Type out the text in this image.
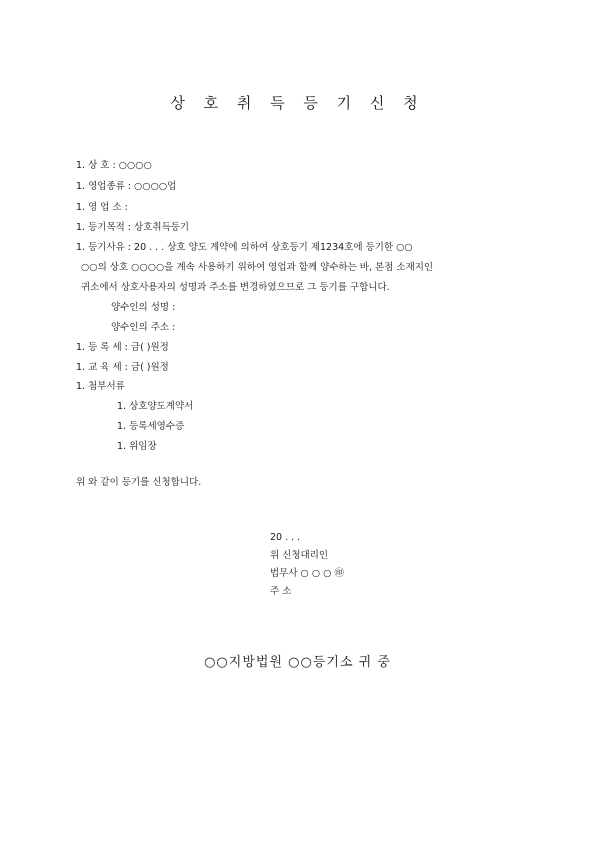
상 호 취 득 등 기 신 청
1. 상 호 : ○○○○
1. 영업종류 : ○○○○업
1. 영 업 소 :
1. 등기목적 : 상호취득등기
1. 등기사유 : 20 . . . 상호 양도 계약에 의하여 상호등기 제1234호에 등기한 ○○
○○의 상호 ○○○○을 계속 사용하기 위하여 영업과 함께 양수하는 바, 본점 소재지인
귀소에서 상호사용자의 성명과 주소를 변경하였으므로 그 등기를 구합니다.
양수인의 성명 :
양수인의 주소 :
1. 등 록 세 : 금( )원정
1. 교 육 세 : 금( )원정
1. 첨부서류
1. 상호양도계약서
1. 등록세영수증
1. 위임장
위 와 같이 등기를 신청합니다.
20 . . .
위 신청대리인
법무사 ○ ○ ○ ㊞
주 소
○○지방법원 ○○등기소 귀 중
